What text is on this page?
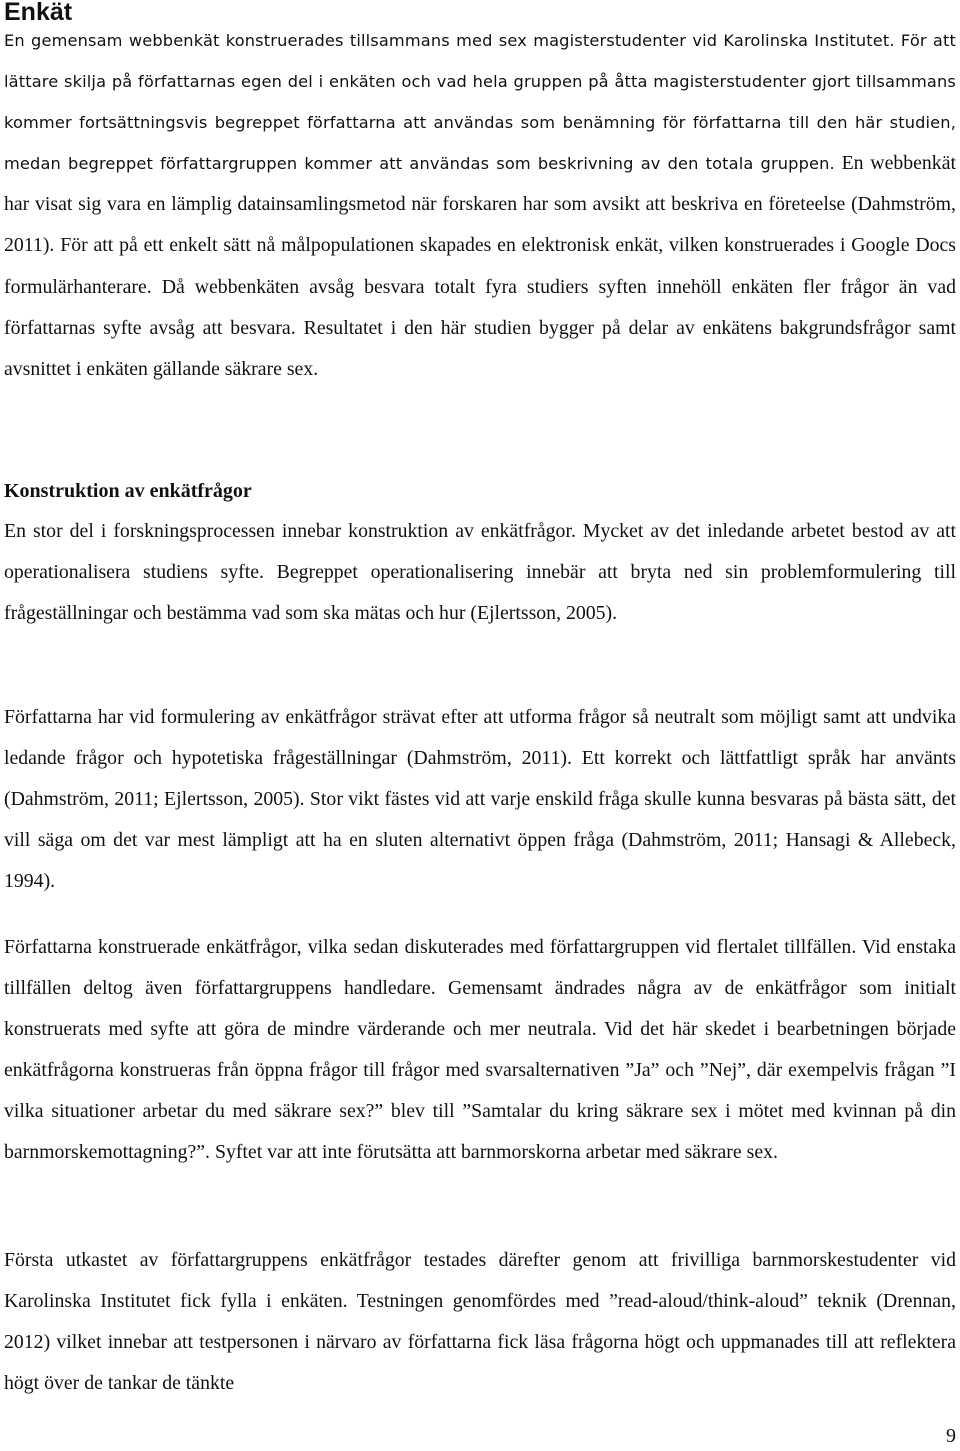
Enkät

En gemensam webbenkät konstruerades tillsammans med sex magisterstudenter vid Karolinska Institutet. För att lättare skilja på författarnas egen del i enkäten och vad hela gruppen på åtta magisterstudenter gjort tillsammans kommer fortsättningsvis begreppet författarna att användas som benämning för författarna till den här studien, medan begreppet författargruppen kommer att användas som beskrivning av den totala gruppen. En webbenkät har visat sig vara en lämplig datainsamlingsmetod när forskaren har som avsikt att beskriva en företeelse (Dahmström, 2011). För att på ett enkelt sätt nå målpopulationen skapades en elektronisk enkät, vilken konstruerades i Google Docs formulärhanterare. Då webbenkäten avsåg besvara totalt fyra studiers syften innehöll enkäten fler frågor än vad författarnas syfte avsåg att besvara. Resultatet i den här studien bygger på delar av enkätens bakgrundsfrågor samt avsnittet i enkäten gällande säkrare sex.

Konstruktion av enkätfrågor

En stor del i forskningsprocessen innebar konstruktion av enkätfrågor. Mycket av det inledande arbetet bestod av att operationalisera studiens syfte. Begreppet operationalisering innebär att bryta ned sin problemformulering till frågeställningar och bestämma vad som ska mätas och hur (Ejlertsson, 2005).

Författarna har vid formulering av enkätfrågor strävat efter att utforma frågor så neutralt som möjligt samt att undvika ledande frågor och hypotetiska frågeställningar (Dahmström, 2011). Ett korrekt och lättfattligt språk har använts (Dahmström, 2011; Ejlertsson, 2005). Stor vikt fästes vid att varje enskild fråga skulle kunna besvaras på bästa sätt, det vill säga om det var mest lämpligt att ha en sluten alternativt öppen fråga (Dahmström, 2011; Hansagi & Allebeck, 1994).

Författarna konstruerade enkätfrågor, vilka sedan diskuterades med författargruppen vid flertalet tillfällen. Vid enstaka tillfällen deltog även författargruppens handledare. Gemensamt ändrades några av de enkätfrågor som initialt konstruerats med syfte att göra de mindre värderande och mer neutrala. Vid det här skedet i bearbetningen började enkätfrågorna konstrueras från öppna frågor till frågor med svarsalternativen ”Ja” och ”Nej”, där exempelvis frågan ”I vilka situationer arbetar du med säkrare sex?” blev till ”Samtalar du kring säkrare sex i mötet med kvinnan på din barnmorskemottagning?”. Syftet var att inte förutsätta att barnmorskorna arbetar med säkrare sex.

Första utkastet av författargruppens enkätfrågor testades därefter genom att frivilliga barnmorskestudenter vid Karolinska Institutet fick fylla i enkäten. Testningen genomfördes med ”read-aloud/think-aloud” teknik (Drennan, 2012) vilket innebar att testpersonen i närvaro av författarna fick läsa frågorna högt och uppmanades till att reflektera högt över de tankar de tänkte

9
